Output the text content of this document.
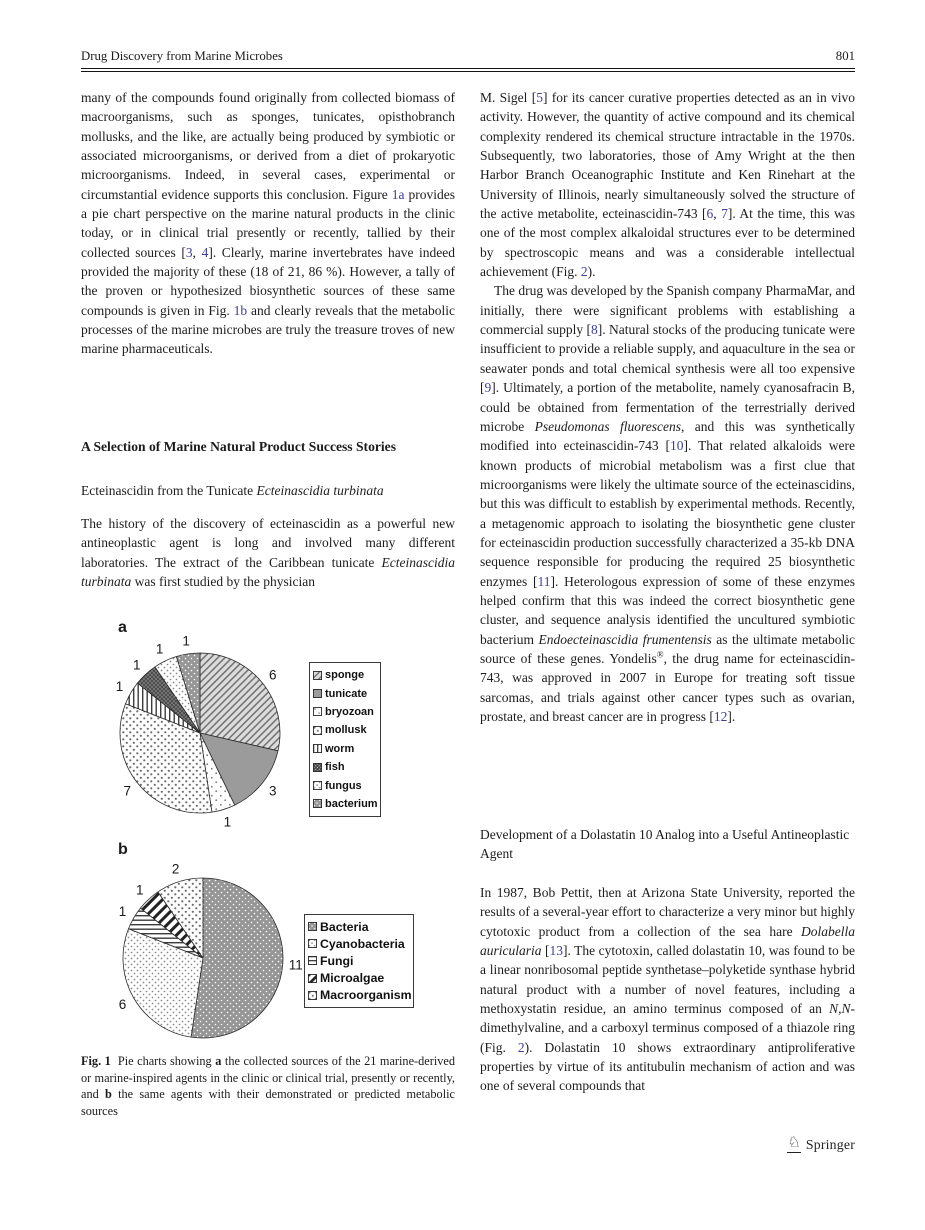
Drug Discovery from Marine Microbes	801

many of the compounds found originally from collected biomass of macroorganisms, such as sponges, tunicates, opisthobranch mollusks, and the like, are actually being produced by symbiotic or associated microorganisms, or derived from a diet of prokaryotic microorganisms. Indeed, in several cases, experimental or circumstantial evidence supports this conclusion. Figure 1a provides a pie chart perspective on the marine natural products in the clinic today, or in clinical trial presently or recently, tallied by their collected sources [3, 4]. Clearly, marine invertebrates have indeed provided the majority of these (18 of 21, 86 %). However, a tally of the proven or hypothesized biosynthetic sources of these same compounds is given in Fig. 1b and clearly reveals that the metabolic processes of the marine microbes are truly the treasure troves of new marine pharmaceuticals.

A Selection of Marine Natural Product Success Stories

Ecteinascidin from the Tunicate Ecteinascidia turbinata

The history of the discovery of ecteinascidin as a powerful new antineoplastic agent is long and involved many different laboratories. The extract of the Caribbean tunicate Ecteinascidia turbinata was first studied by the physician

a
6
3
1
7
1
1
1
1
sponge
tunicate
bryozoan
mollusk
worm
fish
fungus
bacterium
b
11
6
1
1
2
Bacteria
Cyanobacteria
Fungi
Microalgae
Macroorganism

Fig. 1  Pie charts showing a the collected sources of the 21 marine-derived or marine-inspired agents in the clinic or clinical trial, presently or recently, and b the same agents with their demonstrated or predicted metabolic sources

M. Sigel [5] for its cancer curative properties detected as an in vivo activity. However, the quantity of active compound and its chemical complexity rendered its chemical structure intractable in the 1970s. Subsequently, two laboratories, those of Amy Wright at the then Harbor Branch Oceanographic Institute and Ken Rinehart at the University of Illinois, nearly simultaneously solved the structure of the active metabolite, ecteinascidin-743 [6, 7]. At the time, this was one of the most complex alkaloidal structures ever to be determined by spectroscopic means and was a considerable intellectual achievement (Fig. 2).

The drug was developed by the Spanish company PharmaMar, and initially, there were significant problems with establishing a commercial supply [8]. Natural stocks of the producing tunicate were insufficient to provide a reliable supply, and aquaculture in the sea or seawater ponds and total chemical synthesis were all too expensive [9]. Ultimately, a portion of the metabolite, namely cyanosafracin B, could be obtained from fermentation of the terrestrially derived microbe Pseudomonas fluorescens, and this was synthetically modified into ecteinascidin-743 [10]. That related alkaloids were known products of microbial metabolism was a first clue that microorganisms were likely the ultimate source of the ecteinascidins, but this was difficult to establish by experimental methods. Recently, a metagenomic approach to isolating the biosynthetic gene cluster for ecteinascidin production successfully characterized a 35-kb DNA sequence responsible for producing the required 25 biosynthetic enzymes [11]. Heterologous expression of some of these enzymes helped confirm that this was indeed the correct biosynthetic gene cluster, and sequence analysis identified the uncultured symbiotic bacterium Endoecteinascidia frumentensis as the ultimate metabolic source of these genes. Yondelis®, the drug name for ecteinascidin-743, was approved in 2007 in Europe for treating soft tissue sarcomas, and trials against other cancer types such as ovarian, prostate, and breast cancer are in progress [12].

Development of a Dolastatin 10 Analog into a Useful Antineoplastic Agent

In 1987, Bob Pettit, then at Arizona State University, reported the results of a several-year effort to characterize a very minor but highly cytotoxic product from a collection of the sea hare Dolabella auricularia [13]. The cytotoxin, called dolastatin 10, was found to be a linear nonribosomal peptide synthetase–polyketide synthase hybrid natural product with a number of novel features, including a methoxystatin residue, an amino terminus composed of an N,N-dimethylvaline, and a carboxyl terminus composed of a thiazole ring (Fig. 2). Dolastatin 10 shows extraordinary antiproliferative properties by virtue of its antitubulin mechanism of action and was one of several compounds that

♘ Springer
